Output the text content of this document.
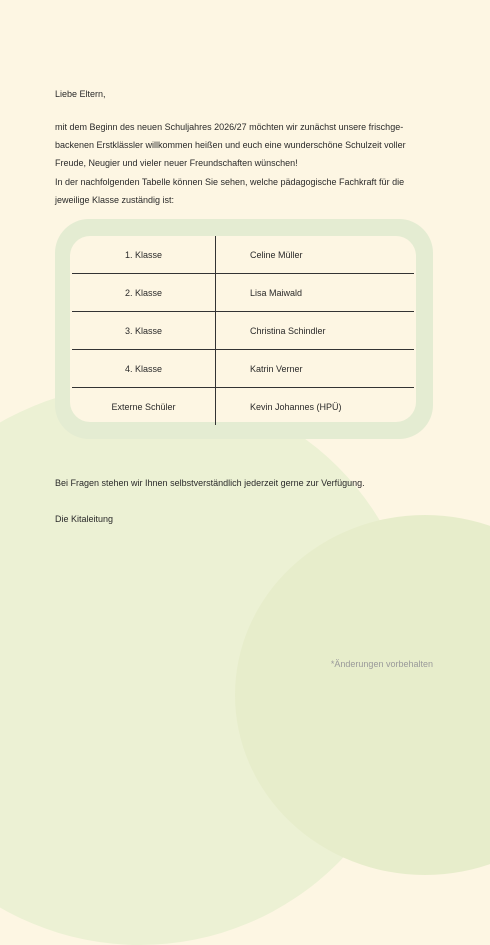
Liebe Eltern,

mit dem Beginn des neuen Schuljahres 2026/27 möchten wir zunächst unsere frischge-

backenen Erstklässler willkommen heißen und euch eine wunderschöne Schulzeit voller

Freude, Neugier und vieler neuer Freundschaften wünschen!

In der nachfolgenden Tabelle können Sie sehen, welche pädagogische Fachkraft für die

jeweilige Klasse zuständig ist:

1. Klasse	Celine Müller
2. Klasse	Lisa Maiwald
3. Klasse	Christina Schindler
4. Klasse	Katrin Verner
Externe Schüler	Kevin Johannes (HPÜ)

Bei Fragen stehen wir Ihnen selbstverständlich jederzeit gerne zur Verfügung.

Die Kitaleitung

*Änderungen vorbehalten
